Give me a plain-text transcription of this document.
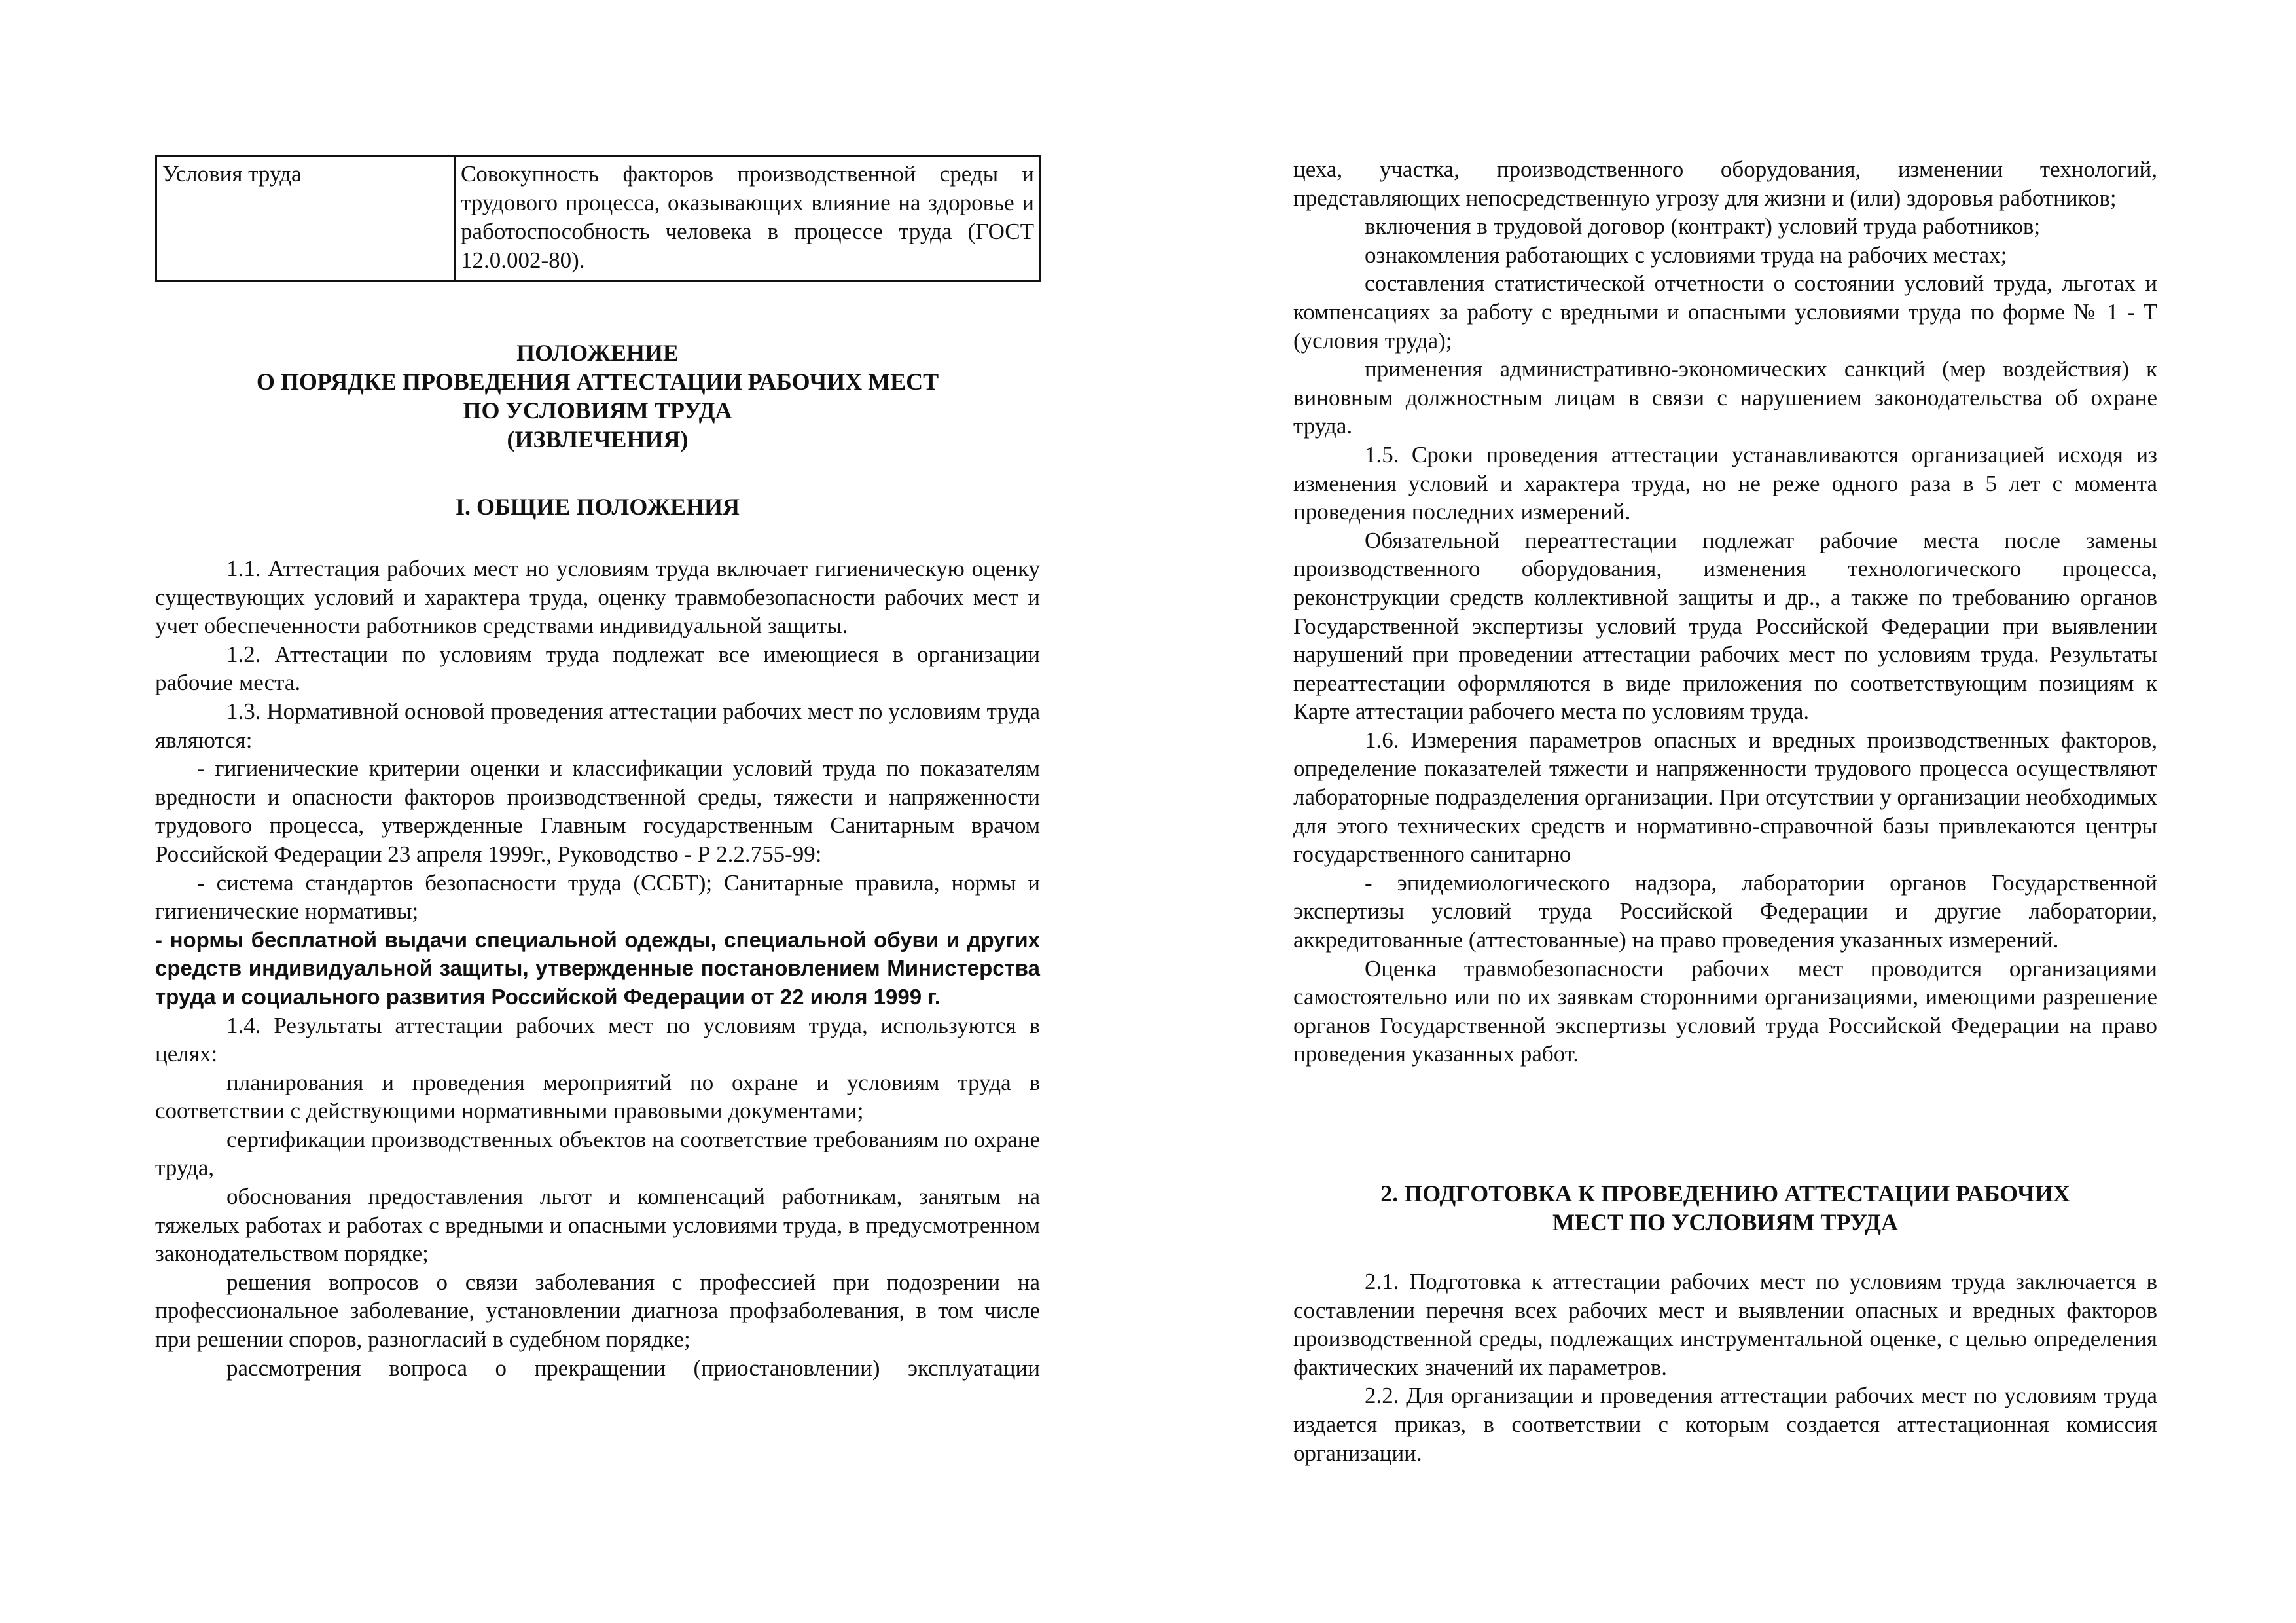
Условия труда	Совокупность факторов производственной среды и трудового процесса, оказывающих влияние на здоровье и работоспособность человека в процессе труда (ГОСТ 12.0.002-80).
ПОЛОЖЕНИЕ
О ПОРЯДКЕ ПРОВЕДЕНИЯ АТТЕСТАЦИИ РАБОЧИХ МЕСТ
ПО УСЛОВИЯМ ТРУДА
(ИЗВЛЕЧЕНИЯ)
I. ОБЩИЕ ПОЛОЖЕНИЯ

1.1. Аттестация рабочих мест но условиям труда включает гигиеническую оценку существующих условий и характера труда, оценку травмобезопасности рабочих мест и учет обеспеченности работников средствами индивидуальной защиты.

1.2. Аттестации по условиям труда подлежат все имеющиеся в организации рабочие места.

1.3. Нормативной основой проведения аттестации рабочих мест по условиям труда являются:

- гигиенические критерии оценки и классификации условий труда по показателям вредности и опасности факторов производственной среды, тяжести и напряженности трудового процесса, утвержденные Главным государственным Санитарным врачом Российской Федерации 23 апреля 1999г., Руководство - Р 2.2.755-99:

- система стандартов безопасности труда (ССБТ); Санитарные правила, нормы и гигиенические нормативы;

- нормы бесплатной выдачи специальной одежды, специальной обуви и других средств индивидуальной защиты, утвержденные постановлением Министерства труда и социального развития Российской Федерации от 22 июля 1999 г.

1.4. Результаты аттестации рабочих мест по условиям труда, используются в целях:

планирования и проведения мероприятий по охране и условиям труда в соответствии с действующими нормативными правовыми документами;

сертификации производственных объектов на соответствие требованиям по охране труда,

обоснования предоставления льгот и компенсаций работникам, занятым на тяжелых работах и работах с вредными и опасными условиями труда, в предусмотренном законодательством порядке;

решения вопросов о связи заболевания с профессией при подозрении на профессиональное заболевание, установлении диагноза профзаболевания, в том числе при решении споров, разногласий в судебном порядке;

рассмотрения вопроса о прекращении (приостановлении) эксплуатации

цеха, участка, производственного оборудования, изменении технологий, представляющих непосредственную угрозу для жизни и (или) здоровья работников;

включения в трудовой договор (контракт) условий труда работников;

ознакомления работающих с условиями труда на рабочих местах;

составления статистической отчетности о состоянии условий труда, льготах и компенсациях за работу с вредными и опасными условиями труда по форме № 1 - Т (условия труда);

применения административно-экономических санкций (мер воздействия) к виновным должностным лицам в связи с нарушением законодательства об охране труда.

1.5. Сроки проведения аттестации устанавливаются организацией исходя из изменения условий и характера труда, но не реже одного раза в 5 лет с момента проведения последних измерений.

Обязательной переаттестации подлежат рабочие места после замены производственного оборудования, изменения технологического процесса, реконструкции средств коллективной защиты и др., а также по требованию органов Государственной экспертизы условий труда Российской Федерации при выявлении нарушений при проведении аттестации рабочих мест по условиям труда. Результаты переаттестации оформляются в виде приложения по соответствующим позициям к Карте аттестации рабочего места по условиям труда.

1.6. Измерения параметров опасных и вредных производственных факторов, определение показателей тяжести и напряженности трудового процесса осуществляют лабораторные подразделения организации. При отсутствии у организации необходимых для этого технических средств и нормативно-справочной базы привлекаются центры государственного санитарно

- эпидемиологического надзора, лаборатории органов Государственной экспертизы условий труда Российской Федерации и другие лаборатории, аккредитованные (аттестованные) на право проведения указанных измерений.

Оценка травмобезопасности рабочих мест проводится организациями самостоятельно или по их заявкам сторонними организациями, имеющими разрешение органов Государственной экспертизы условий труда Российской Федерации на право проведения указанных работ.

2. ПОДГОТОВКА К ПРОВЕДЕНИЮ АТТЕСТАЦИИ РАБОЧИХ
МЕСТ ПО УСЛОВИЯМ ТРУДА

2.1. Подготовка к аттестации рабочих мест по условиям труда заключается в составлении перечня всех рабочих мест и выявлении опасных и вредных факторов производственной среды, подлежащих инструментальной оценке, с целью определения фактических значений их параметров.

2.2. Для организации и проведения аттестации рабочих мест по условиям труда издается приказ, в соответствии с которым создается аттестационная комиссия организации.
